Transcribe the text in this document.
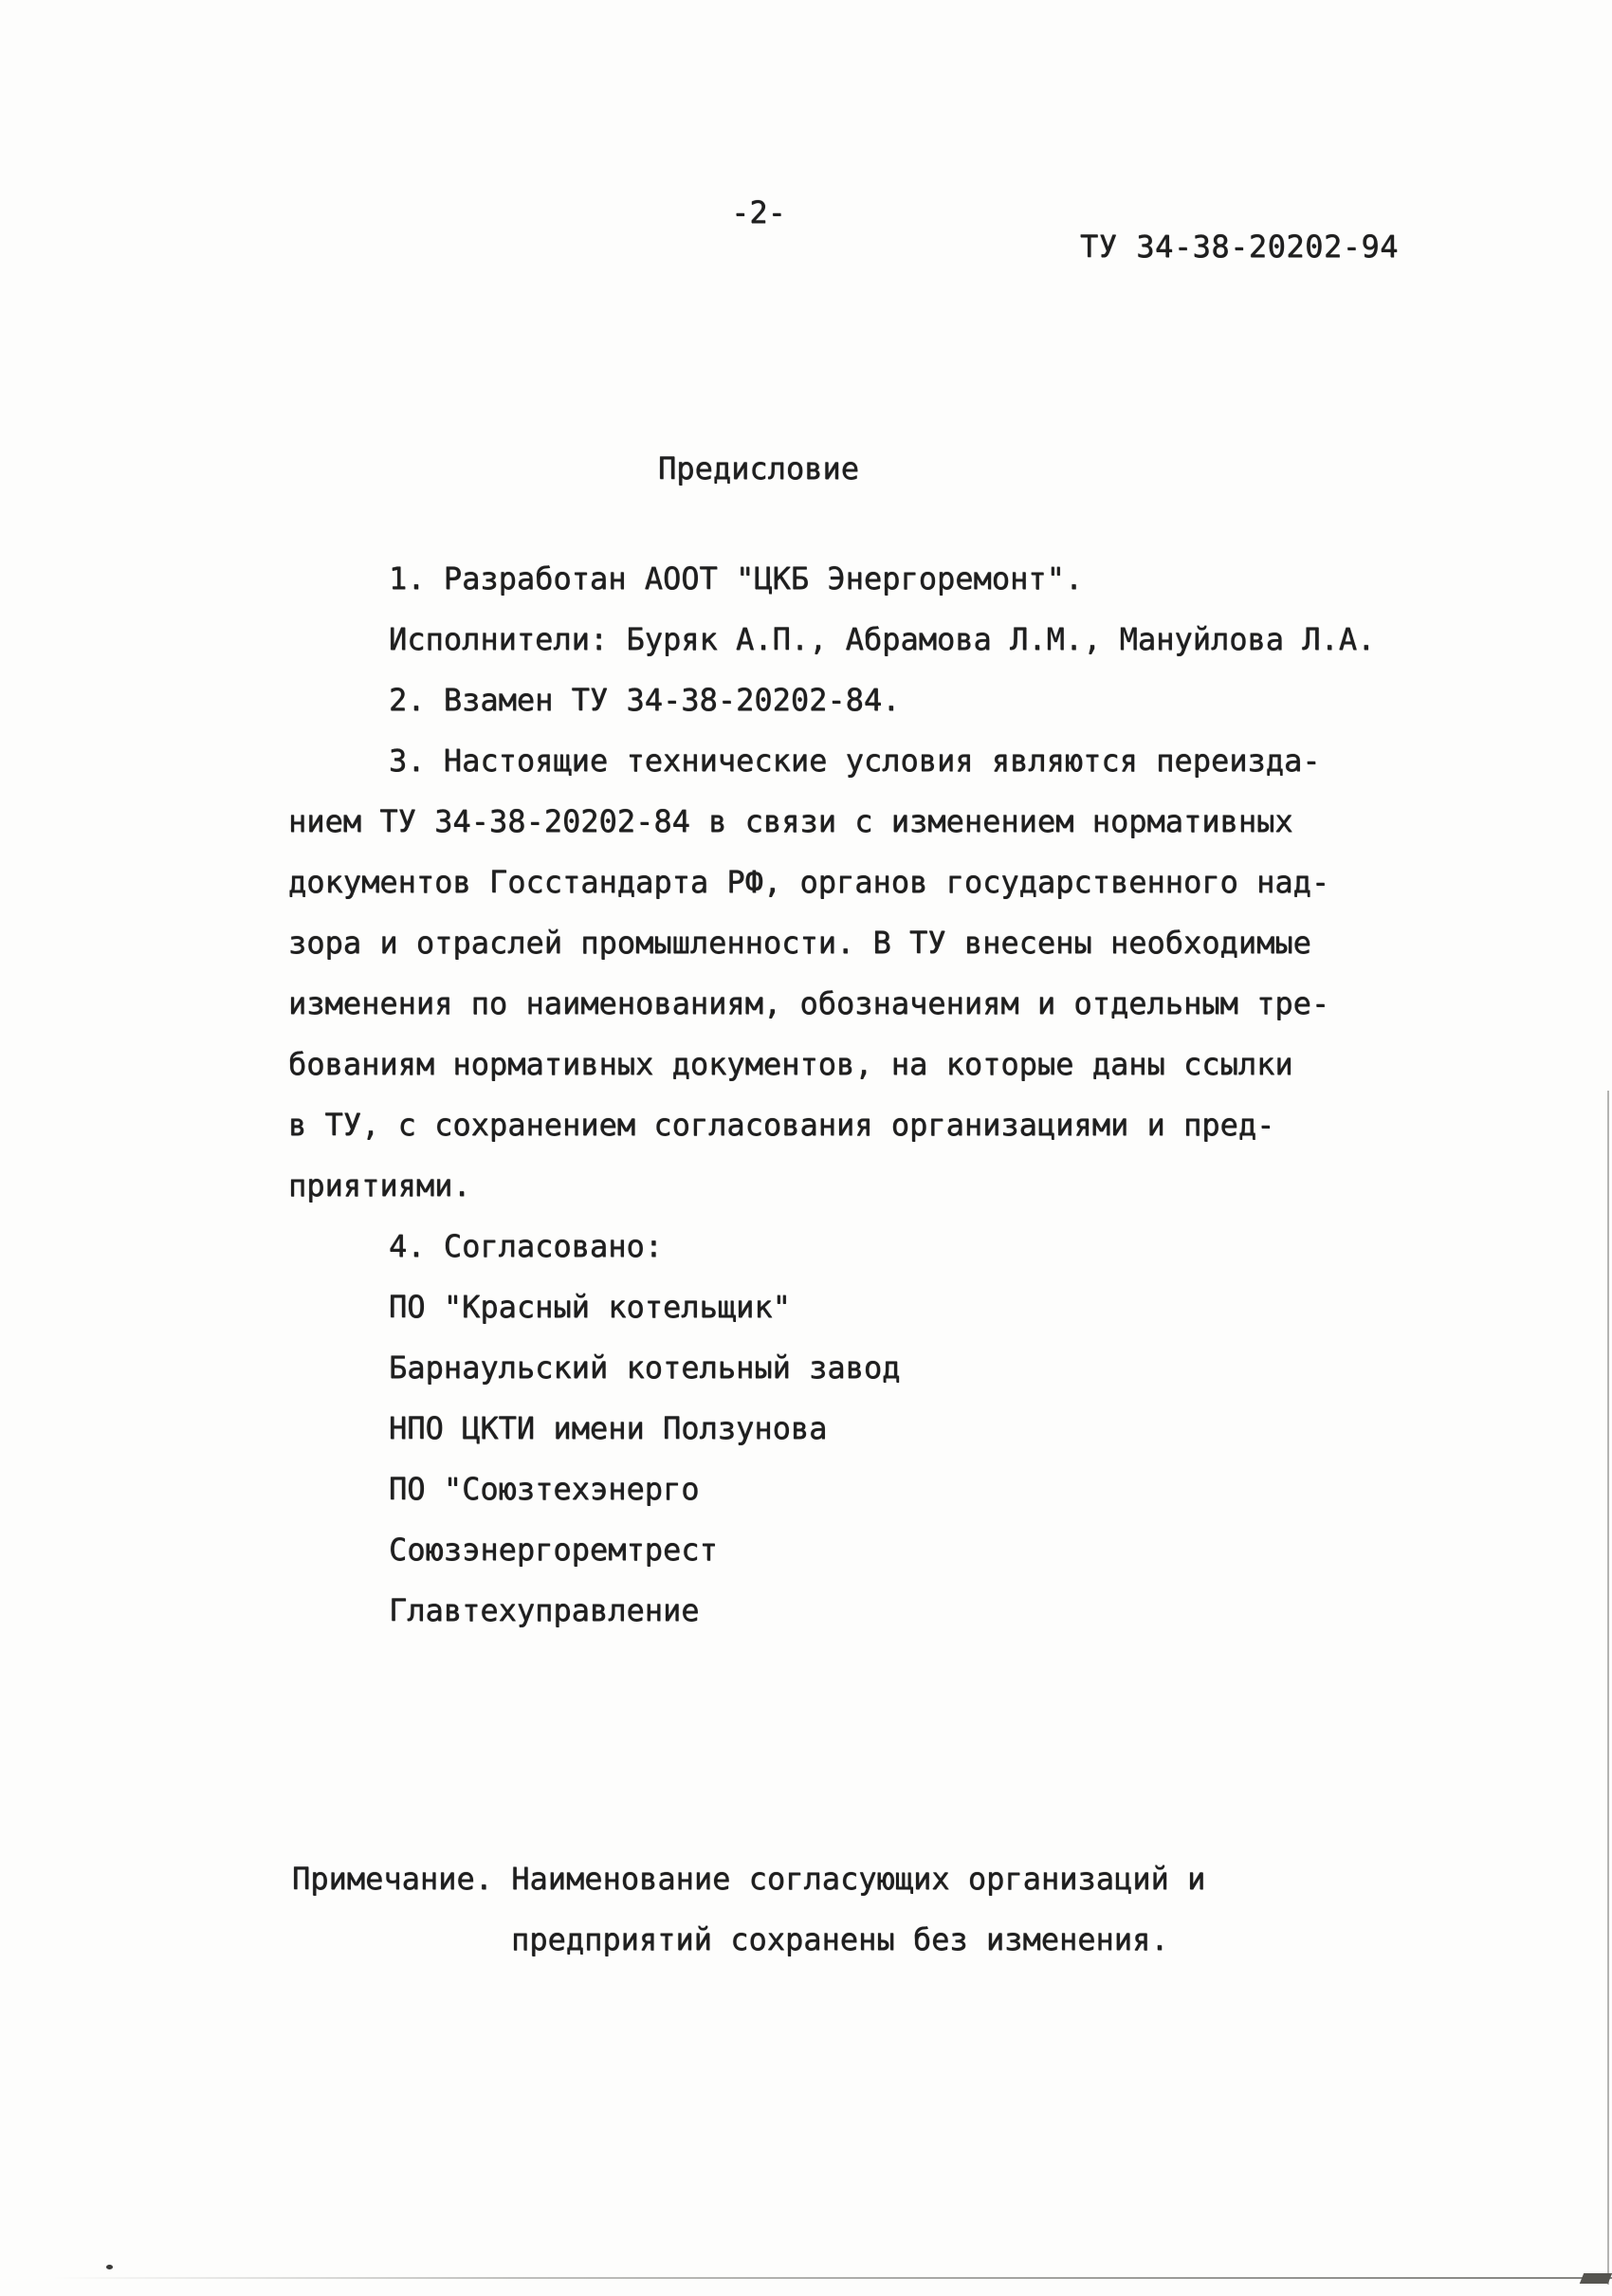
-2-
ТУ 34-38-20202-94
Предисловие
1. Разработан АООТ "ЦКБ Энергоремонт".
Исполнители: Буряк А.П., Абрамова Л.М., Мануйлова Л.А.
2. Взамен ТУ 34-38-20202-84.
3. Настоящие технические условия являются переизда-
нием ТУ 34-38-20202-84 в связи с изменением нормативных
документов Госстандарта РФ, органов государственного над-
зора и отраслей промышленности. В ТУ внесены необходимые
изменения по наименованиям, обозначениям и отдельным тре-
бованиям нормативных документов, на которые даны ссылки
в ТУ, с сохранением согласования организациями и пред-
приятиями.
4. Согласовано:
ПО "Красный котельщик"
Барнаульский котельный завод
НПО ЦКТИ имени Ползунова
ПО "Союзтехэнерго
Союзэнергоремтрест
Главтехуправление
Примечание. Наименование согласующих организаций и
предприятий сохранены без изменения.
